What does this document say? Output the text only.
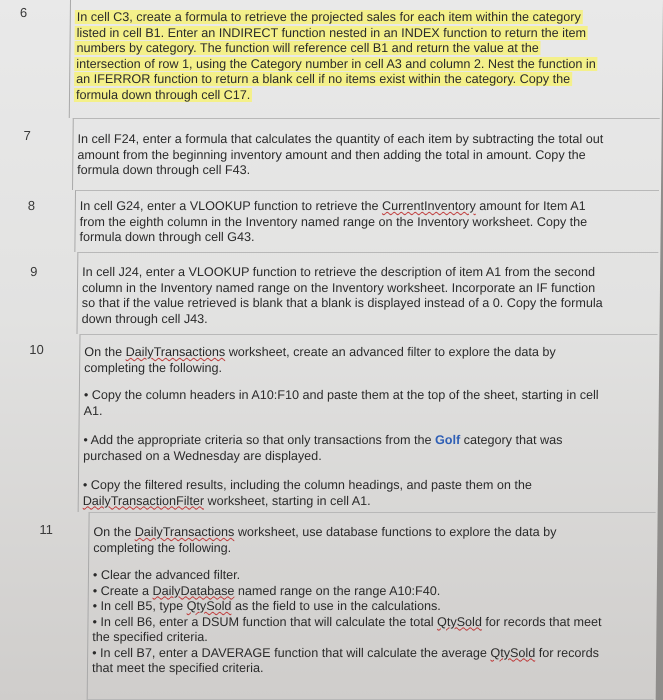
6	In cell C3, create a formula to retrieve the projected sales for each item within the category

listed in cell B1. Enter an INDIRECT function nested in an INDEX function to return the item

numbers by category. The function will reference cell B1 and return the value at the

intersection of row 1, using the Category number in cell A3 and column 2. Nest the function in

an IFERROR function to return a blank cell if no items exist within the category. Copy the

formula down through cell C17.

7	In cell F24, enter a formula that calculates the quantity of each item by subtracting the total out

amount from the beginning inventory amount and then adding the total in amount. Copy the

formula down through cell F43.

8	In cell G24, enter a VLOOKUP function to retrieve the CurrentInventory amount for Item A1

from the eighth column in the Inventory named range on the Inventory worksheet. Copy the

formula down through cell G43.

9	In cell J24, enter a VLOOKUP function to retrieve the description of item A1 from the second

column in the Inventory named range on the Inventory worksheet. Incorporate an IF function

so that if the value retrieved is blank that a blank is displayed instead of a 0. Copy the formula

down through cell J43.

10	On the DailyTransactions worksheet, create an advanced filter to explore the data by

completing the following.

• Copy the column headers in A10:F10 and paste them at the top of the sheet, starting in cell

A1.

• Add the appropriate criteria so that only transactions from the Golf category that was

purchased on a Wednesday are displayed.

• Copy the filtered results, including the column headings, and paste them on the

DailyTransactionFilter worksheet, starting in cell A1.

11	On the DailyTransactions worksheet, use database functions to explore the data by

completing the following.

• Clear the advanced filter.

• Create a DailyDatabase named range on the range A10:F40.

• In cell B5, type QtySold as the field to use in the calculations.

• In cell B6, enter a DSUM function that will calculate the total QtySold for records that meet

the specified criteria.

• In cell B7, enter a DAVERAGE function that will calculate the average QtySold for records

that meet the specified criteria.
